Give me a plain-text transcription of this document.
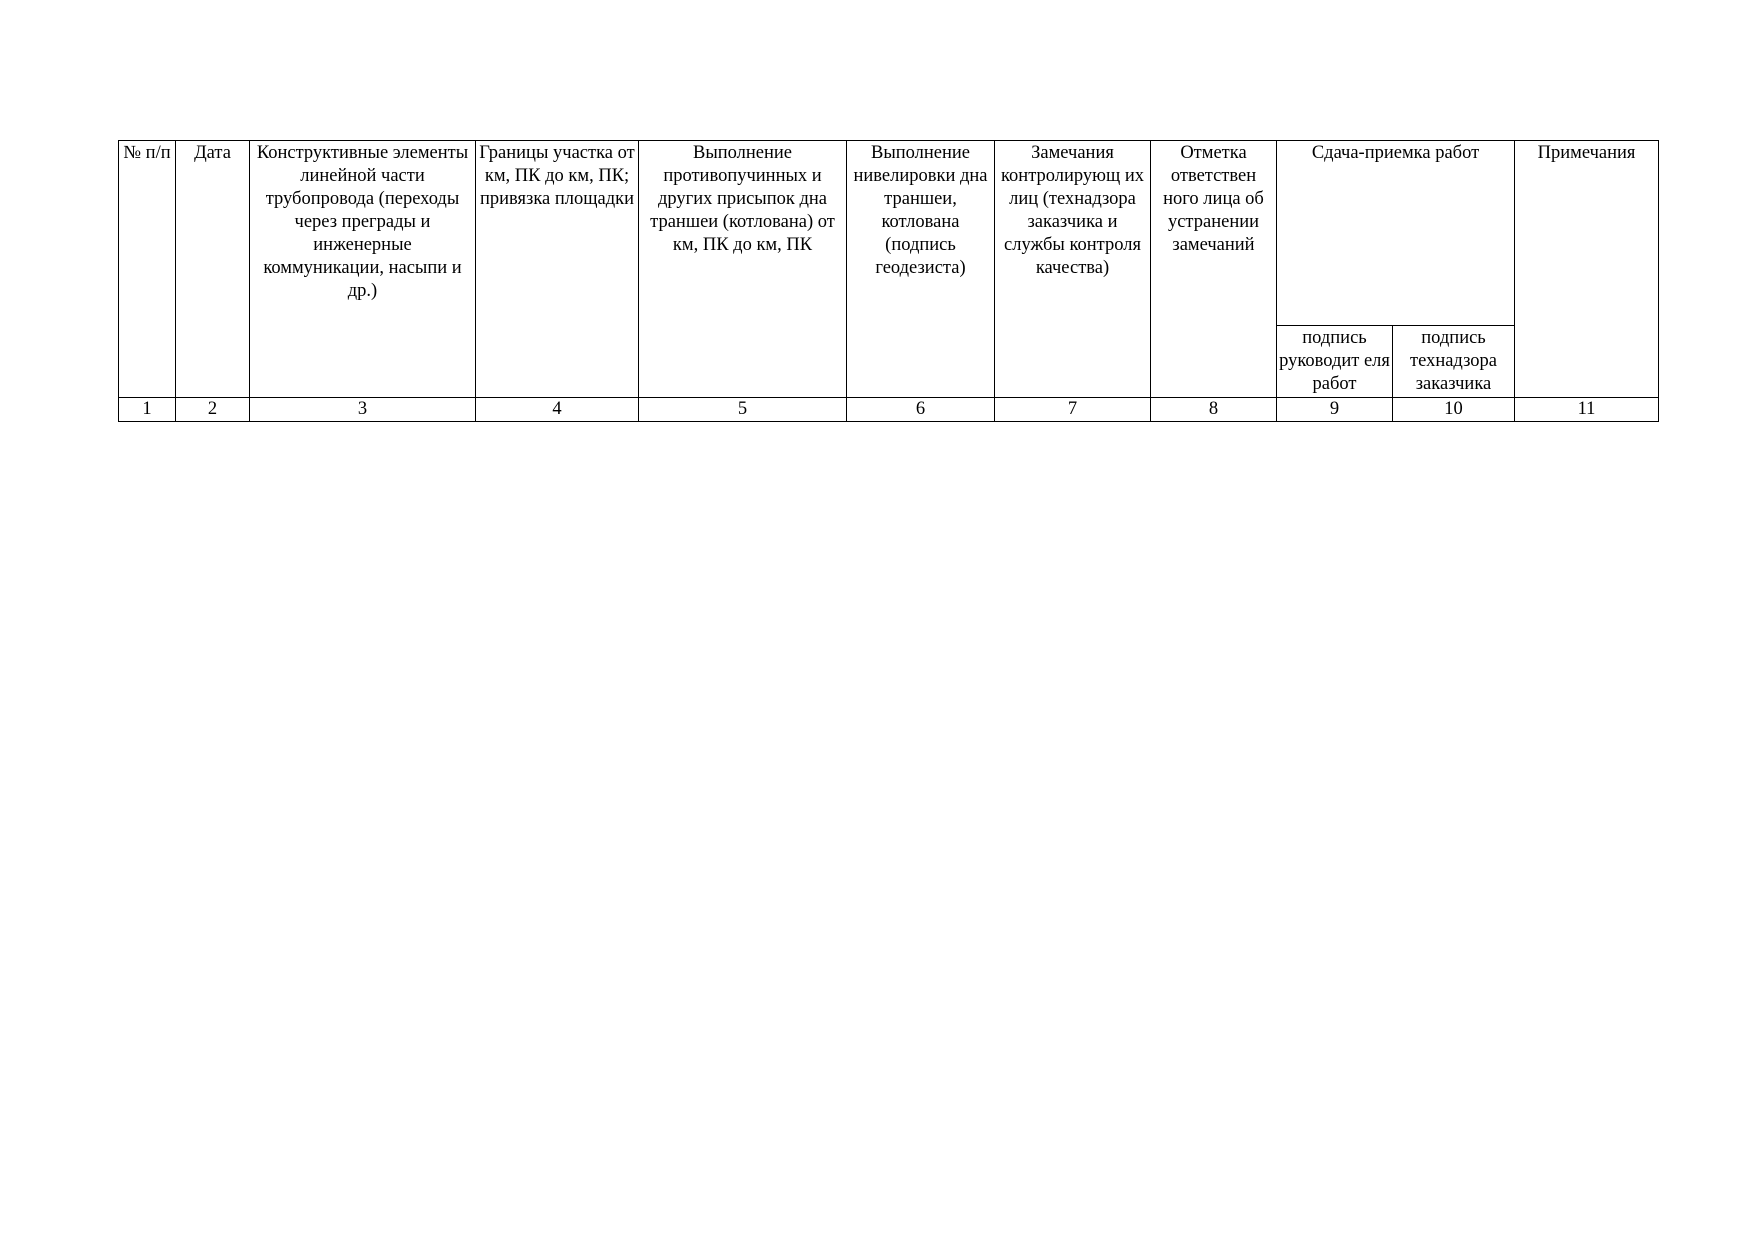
№ п/п	Дата	Конструктивные элементы линейной части трубопровода (переходы через преграды и инженерные коммуникации, насыпи и др.)	Границы участка от км, ПК до км, ПК; привязка площадки	Выполнение противопучинных и других присыпок дна траншеи (котлована) от км, ПК до км, ПК	Выполнение нивелировки дна траншеи, котлована (подпись геодезиста)	Замечания контролирующ их лиц (технадзора заказчика и службы контроля качества)	Отметка ответствен ного лица об устранении замечаний	Сдача-приемка работ		Примечания
								подпись руководит еля работ	подпись технадзора заказчика	
1	2	3	4	5	6	7	8	9	10	11
